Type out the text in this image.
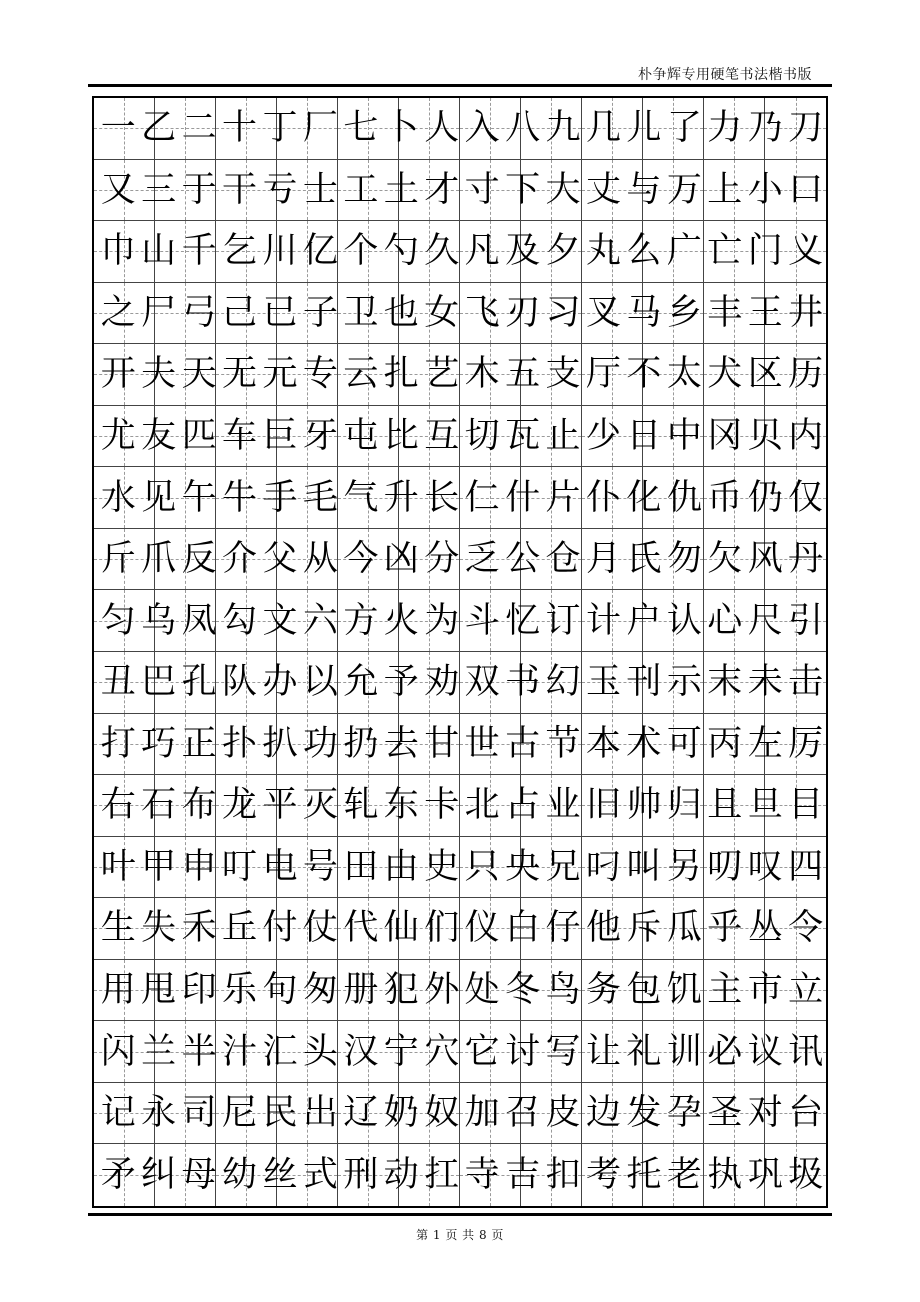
朴争辉专用硬笔书法楷书版
一 乙 二 十 丁 厂 七 卜 人 入 八 九 几 儿 了 力 乃 刀
又 三 于 干 亏 士 工 土 才 寸 下 大 丈 与 万 上 小 口
巾 山 千 乞 川 亿 个 勺 久 凡 及 夕 丸 么 广 亡 门 义
之 尸 弓 己 已 子 卫 也 女 飞 刃 习 叉 马 乡 丰 王 井
开 夫 天 无 元 专 云 扎 艺 木 五 支 厅 不 太 犬 区 历
尤 友 匹 车 巨 牙 屯 比 互 切 瓦 止 少 日 中 冈 贝 内
水 见 午 牛 手 毛 气 升 长 仁 什 片 仆 化 仇 币 仍 仅
斤 爪 反 介 父 从 今 凶 分 乏 公 仓 月 氏 勿 欠 风 丹
匀 乌 凤 勾 文 六 方 火 为 斗 忆 订 计 户 认 心 尺 引
丑 巴 孔 队 办 以 允 予 劝 双 书 幻 玉 刊 示 末 未 击
打 巧 正 扑 扒 功 扔 去 甘 世 古 节 本 术 可 丙 左 厉
右 石 布 龙 平 灭 轧 东 卡 北 占 业 旧 帅 归 且 旦 目
叶 甲 申 叮 电 号 田 由 史 只 央 兄 叼 叫 另 叨 叹 四
生 失 禾 丘 付 仗 代 仙 们 仪 白 仔 他 斥 瓜 乎 丛 令
用 甩 印 乐 句 匆 册 犯 外 处 冬 鸟 务 包 饥 主 市 立
闪 兰 半 汁 汇 头 汉 宁 穴 它 讨 写 让 礼 训 必 议 讯
记 永 司 尼 民 出 辽 奶 奴 加 召 皮 边 发 孕 圣 对 台
矛 纠 母 幼 丝 式 刑 动 扛 寺 吉 扣 考 托 老 执 巩 圾
第 1 页 共 8 页
